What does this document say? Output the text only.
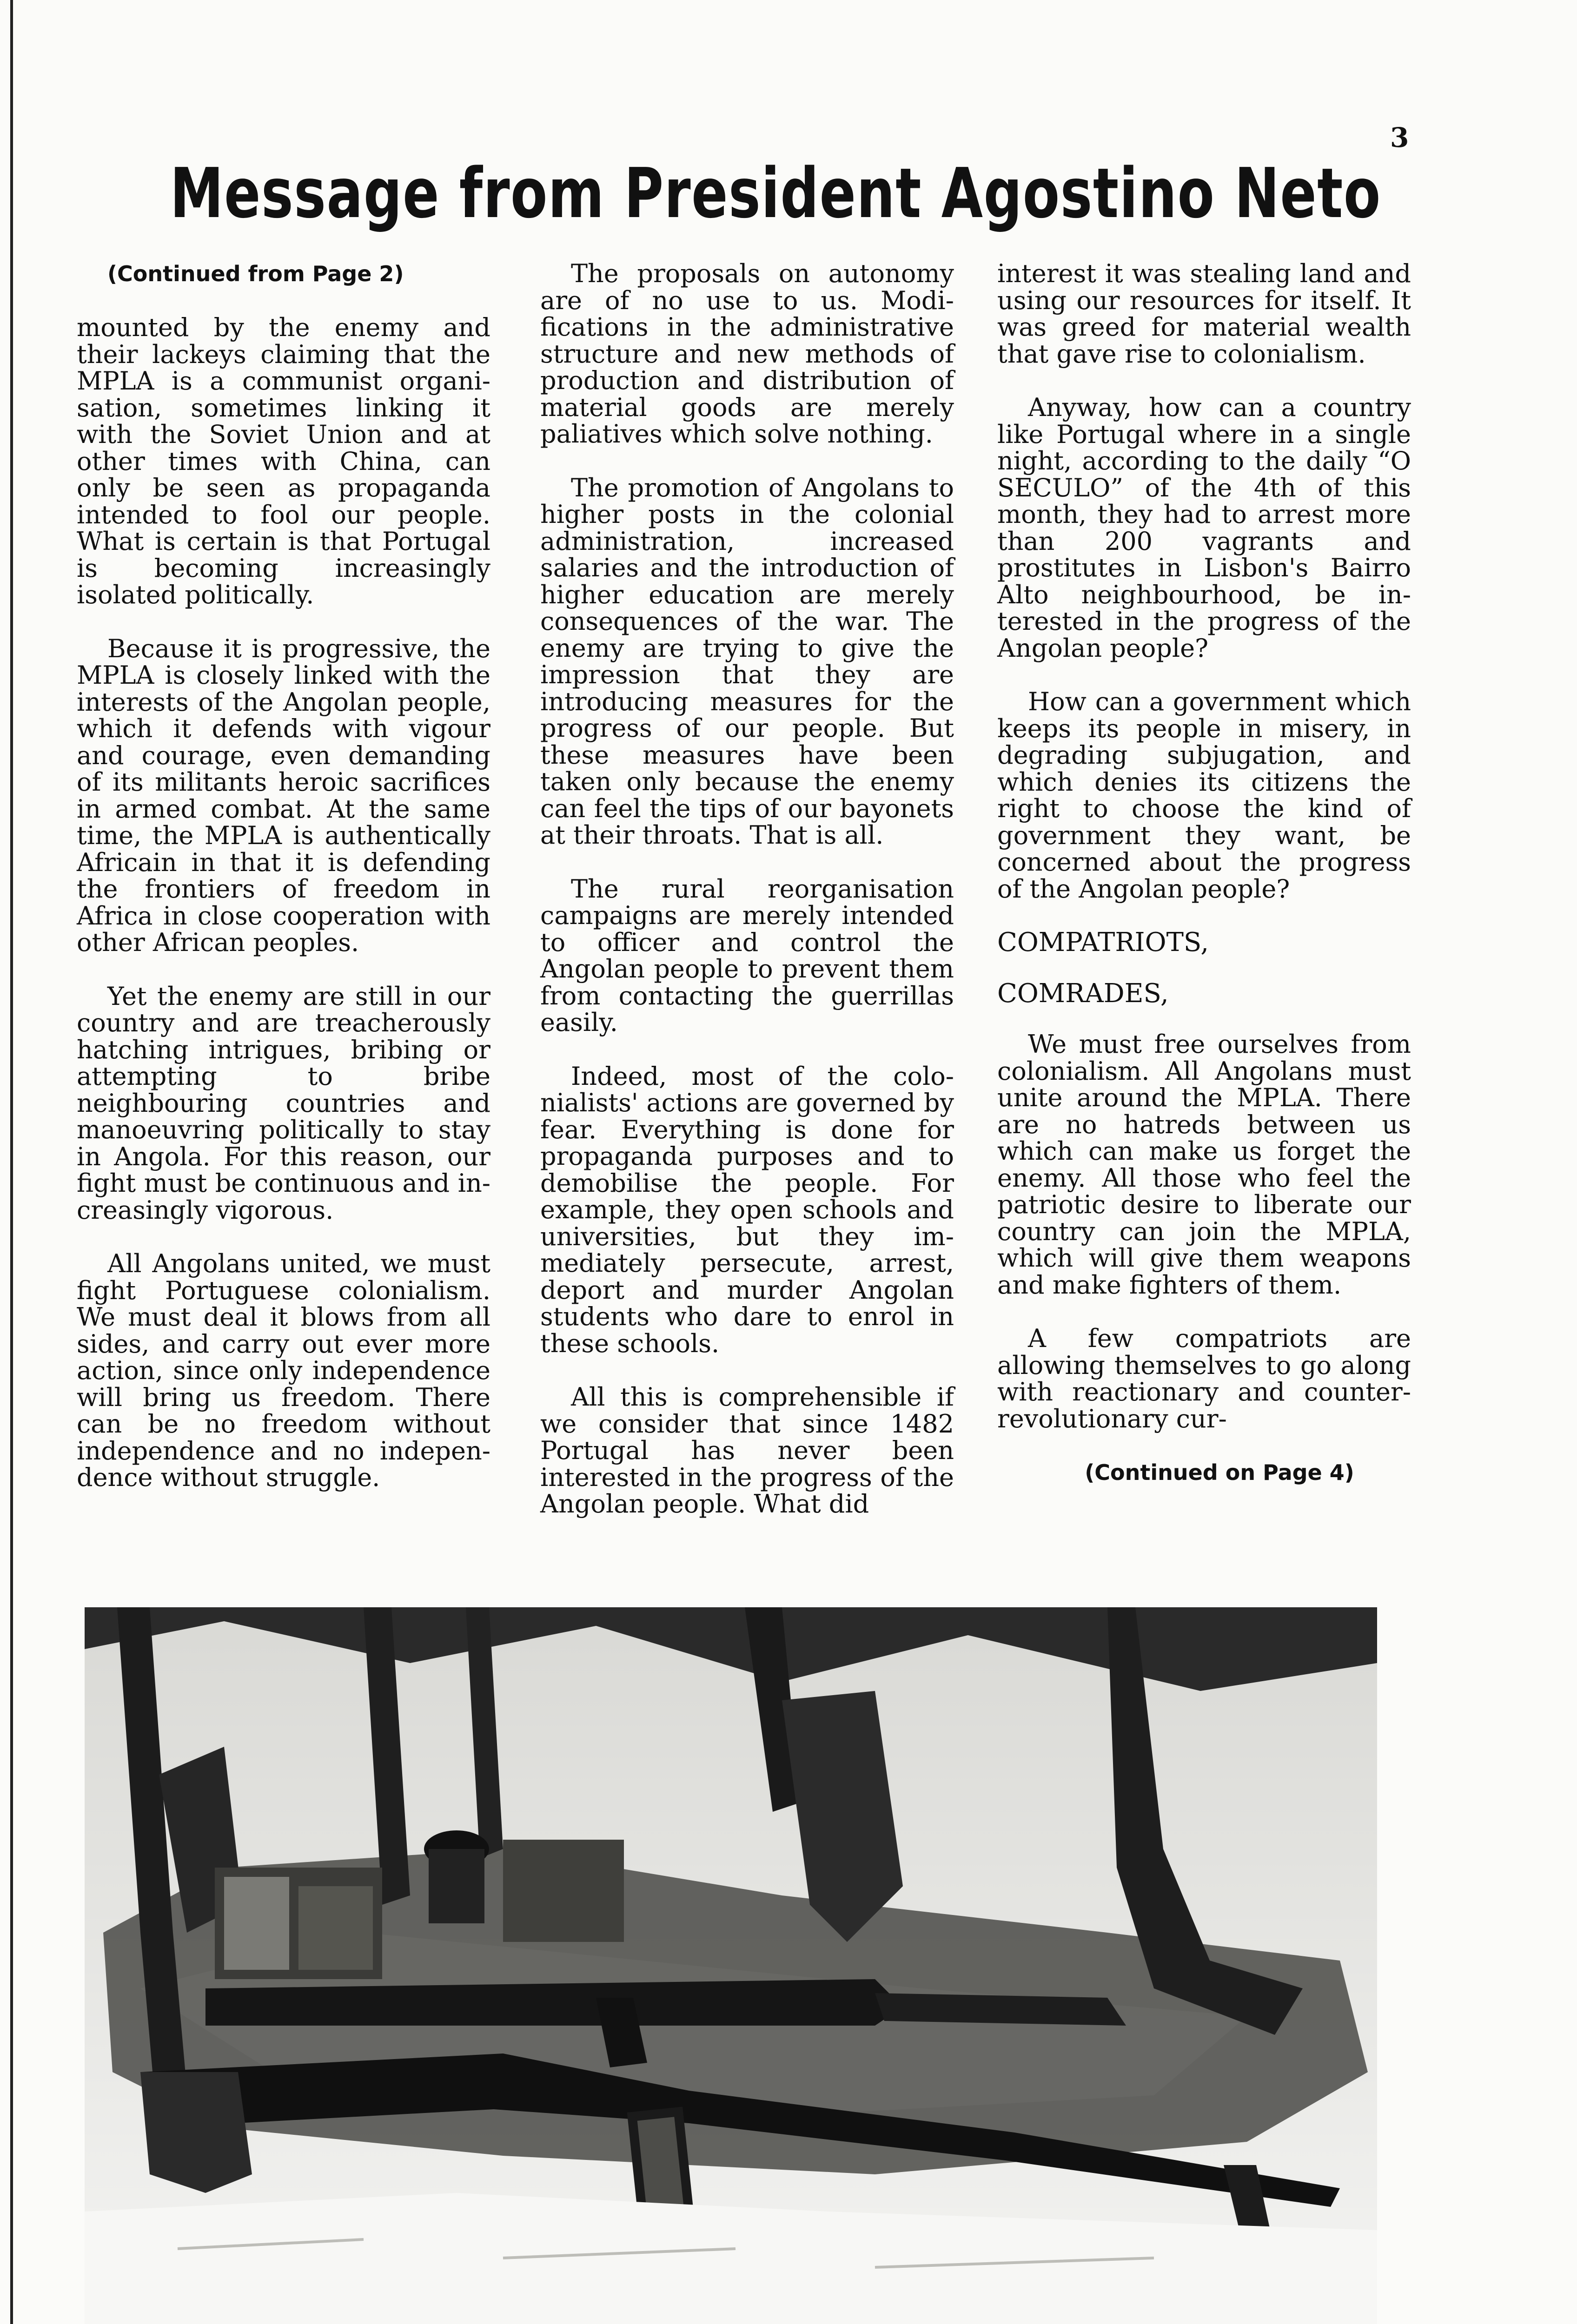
3
Message from President Agostino Neto

(Continued from Page 2)

mounted by the enemy and their lackeys claiming that the MPLA is a communist organisation, sometimes linking it with the Soviet Union and at other times with China, can only be seen as propaganda intended to fool our people. What is certain is that Portugal is becoming increasingly isolated politically.

Because it is progressive, the MPLA is closely linked with the interests of the Angolan people, which it defends with vigour and courage, even demanding of its militants heroic sacrifices in armed combat. At the same time, the MPLA is authentically Africain in that it is defending the frontiers of freedom in Africa in close cooperation with other African peoples.

Yet the enemy are still in our country and are treacherously hatching intrigues, bribing or attempting to bribe neighbouring countries and manoeuvring politically to stay in Angola. For this reason, our fight must be continuous and increasingly vigorous.

All Angolans united, we must fight Portuguese colonialism. We must deal it blows from all sides, and carry out ever more action, since only independence will bring us freedom. There can be no freedom without independence and no independence without struggle.

The proposals on autonomy are of no use to us. Modifications in the administrative structure and new methods of production and distribution of material goods are merely paliatives which solve nothing.

The promotion of Angolans to higher posts in the colonial administration, increased salaries and the introduction of higher education are merely consequences of the war. The enemy are trying to give the impression that they are introducing measures for the progress of our people. But these measures have been taken only because the enemy can feel the tips of our bayonets at their throats. That is all.

The rural reorganisation campaigns are merely intended to officer and control the Angolan people to prevent them from contacting the guerrillas easily.

Indeed, most of the colonialists' actions are governed by fear. Everything is done for propaganda purposes and to demobilise the people. For example, they open schools and universities, but they immediately persecute, arrest, deport and murder Angolan students who dare to enrol in these schools.

All this is comprehensible if we consider that since 1482 Portugal has never been interested in the progress of the Angolan people. What did

interest it was stealing land and using our resources for itself. It was greed for material wealth that gave rise to colonialism.

Anyway, how can a country like Portugal where in a single night, according to the daily “O SECULO” of the 4th of this month, they had to arrest more than 200 vagrants and prostitutes in Lisbon's Bairro Alto neighbourhood, be interested in the progress of the Angolan people?

How can a government which keeps its people in misery, in degrading subjugation, and which denies its citizens the right to choose the kind of government they want, be concerned about the progress of the Angolan people?

COMPATRIOTS,

COMRADES,

We must free ourselves from colonialism. All Angolans must unite around the MPLA. There are no hatreds between us which can make us forget the enemy. All those who feel the patriotic desire to liberate our country can join the MPLA, which will give them weapons and make fighters of them.

A few compatriots are allowing themselves to go along with reactionary and counter-revolutionary cur-

(Continued on Page 4)
